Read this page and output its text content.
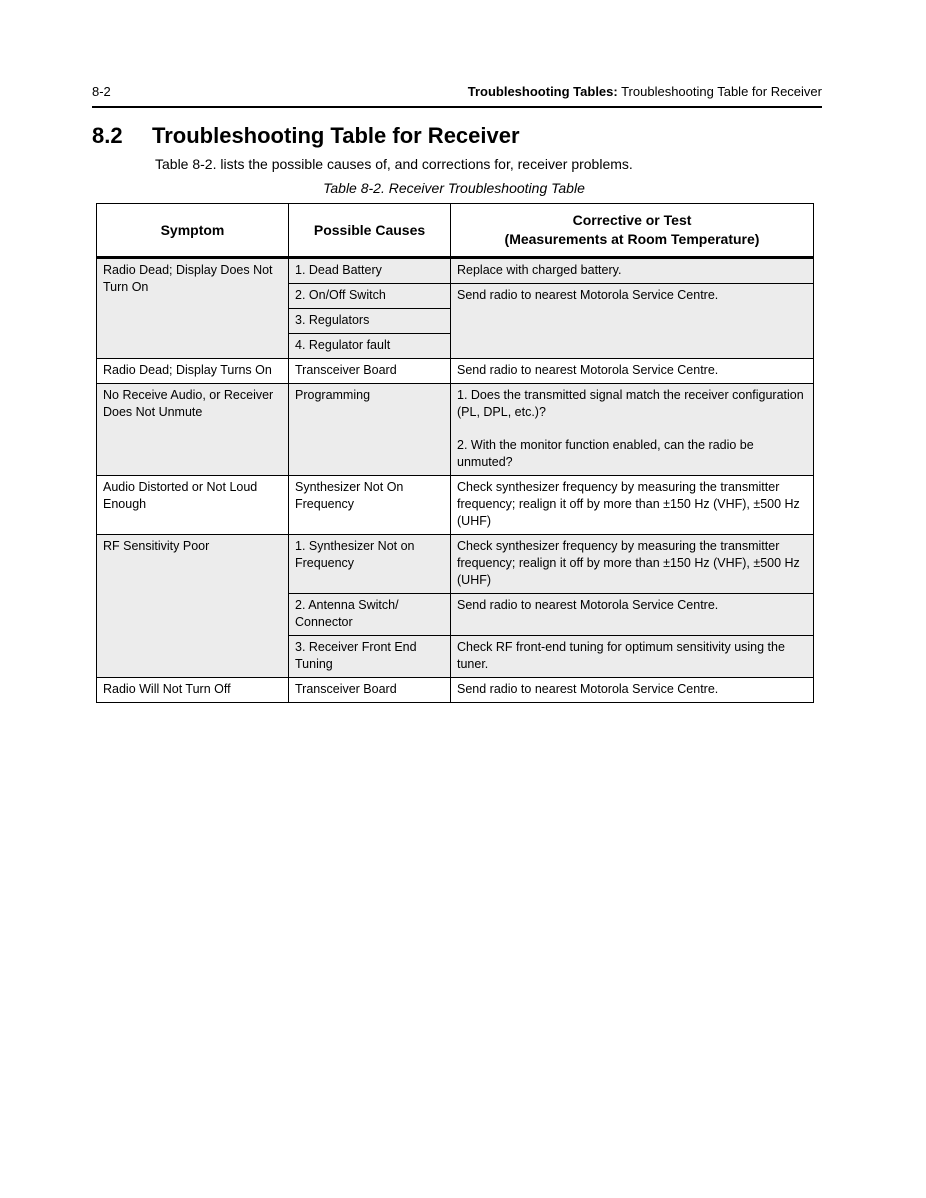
8-2	Troubleshooting Tables: Troubleshooting Table for Receiver
8.2 Troubleshooting Table for Receiver
Table 8-2. lists the possible causes of, and corrections for, receiver problems.
Table 8-2. Receiver Troubleshooting Table
Symptom	Possible Causes	Corrective or Test
(Measurements at Room Temperature)

Radio Dead; Display Does Not Turn On	1. Dead Battery	Replace with charged battery.
	2. On/Off Switch	Send radio to nearest Motorola Service Centre.
	3. Regulators	
	4. Regulator fault	
Radio Dead; Display Turns On	Transceiver Board	Send radio to nearest Motorola Service Centre.
No Receive Audio, or Receiver Does Not Unmute	Programming	1. Does the transmitted signal match the receiver configuration (PL, DPL, etc.)?
2. With the monitor function enabled, can the radio be unmuted?

Audio Distorted or Not Loud Enough	Synthesizer Not On Frequency	Check synthesizer frequency by measuring the transmitter frequency; realign it off by more than ±150 Hz (VHF), ±500 Hz (UHF)
RF Sensitivity Poor	1. Synthesizer Not on Frequency	Check synthesizer frequency by measuring the transmitter frequency; realign it off by more than ±150 Hz (VHF), ±500 Hz (UHF)
	2. Antenna Switch/ Connector	Send radio to nearest Motorola Service Centre.
	3. Receiver Front End Tuning	Check RF front-end tuning for optimum sensitivity using the tuner.
Radio Will Not Turn Off	Transceiver Board	Send radio to nearest Motorola Service Centre.
